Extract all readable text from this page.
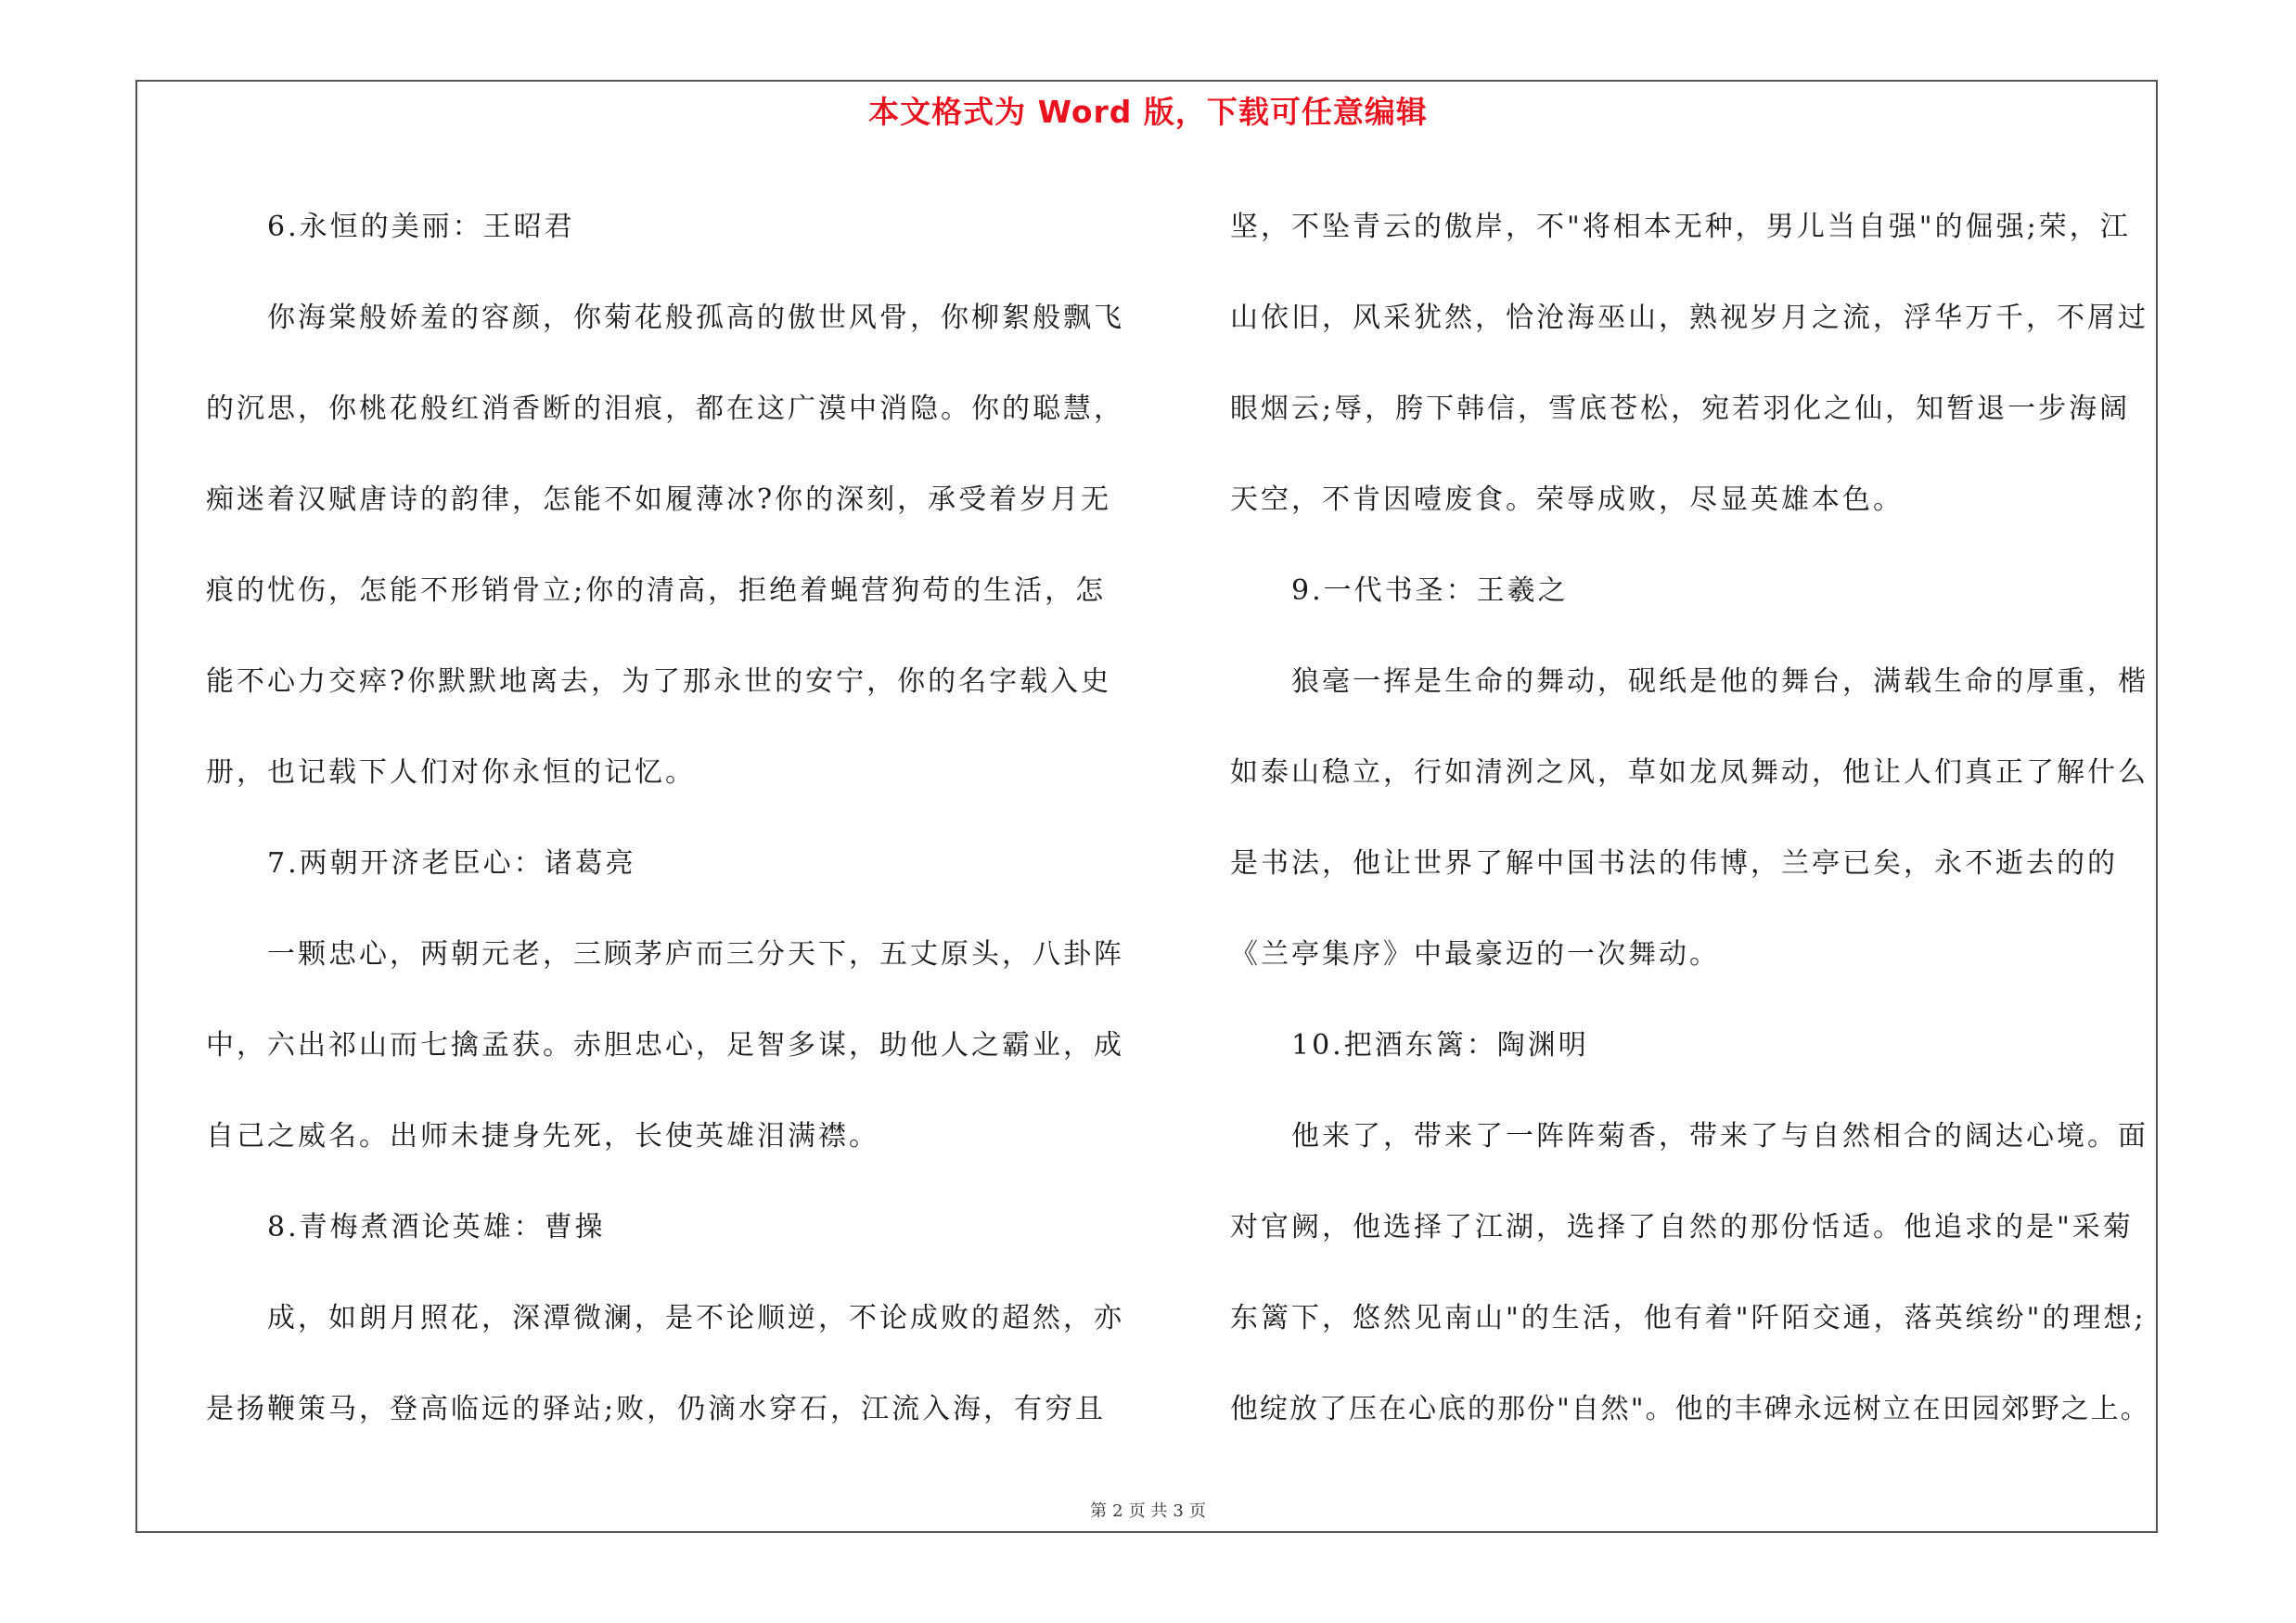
本文格式为 Word 版，下载可任意编辑

6.永恒的美丽：王昭君

你海棠般娇羞的容颜，你菊花般孤高的傲世风骨，你柳絮般飘飞

的沉思，你桃花般红消香断的泪痕，都在这广漠中消隐。你的聪慧，

痴迷着汉赋唐诗的韵律，怎能不如履薄冰?你的深刻，承受着岁月无

痕的忧伤，怎能不形销骨立;你的清高，拒绝着蝇营狗苟的生活，怎

能不心力交瘁?你默默地离去，为了那永世的安宁，你的名字载入史

册，也记载下人们对你永恒的记忆。

7.两朝开济老臣心：诸葛亮

一颗忠心，两朝元老，三顾茅庐而三分天下，五丈原头，八卦阵

中，六出祁山而七擒孟获。赤胆忠心，足智多谋，助他人之霸业，成

自己之威名。出师未捷身先死，长使英雄泪满襟。

8.青梅煮酒论英雄：曹操

成，如朗月照花，深潭微澜，是不论顺逆，不论成败的超然，亦

是扬鞭策马，登高临远的驿站;败，仍滴水穿石，江流入海，有穷且

坚，不坠青云的傲岸，不"将相本无种，男儿当自强"的倔强;荣，江

山依旧，风采犹然，恰沧海巫山，熟视岁月之流，浮华万千，不屑过

眼烟云;辱，胯下韩信，雪底苍松，宛若羽化之仙，知暂退一步海阔

天空，不肯因噎废食。荣辱成败，尽显英雄本色。

9.一代书圣：王羲之

狼毫一挥是生命的舞动，砚纸是他的舞台，满载生命的厚重，楷

如泰山稳立，行如清洌之风，草如龙凤舞动，他让人们真正了解什么

是书法，他让世界了解中国书法的伟博，兰亭已矣，永不逝去的的

《兰亭集序》中最豪迈的一次舞动。

10.把酒东篱：陶渊明

他来了，带来了一阵阵菊香，带来了与自然相合的阔达心境。面

对官阙，他选择了江湖，选择了自然的那份恬适。他追求的是"采菊

东篱下，悠然见南山"的生活，他有着"阡陌交通，落英缤纷"的理想;

他绽放了压在心底的那份"自然"。他的丰碑永远树立在田园郊野之上。

第 2 页 共 3 页
